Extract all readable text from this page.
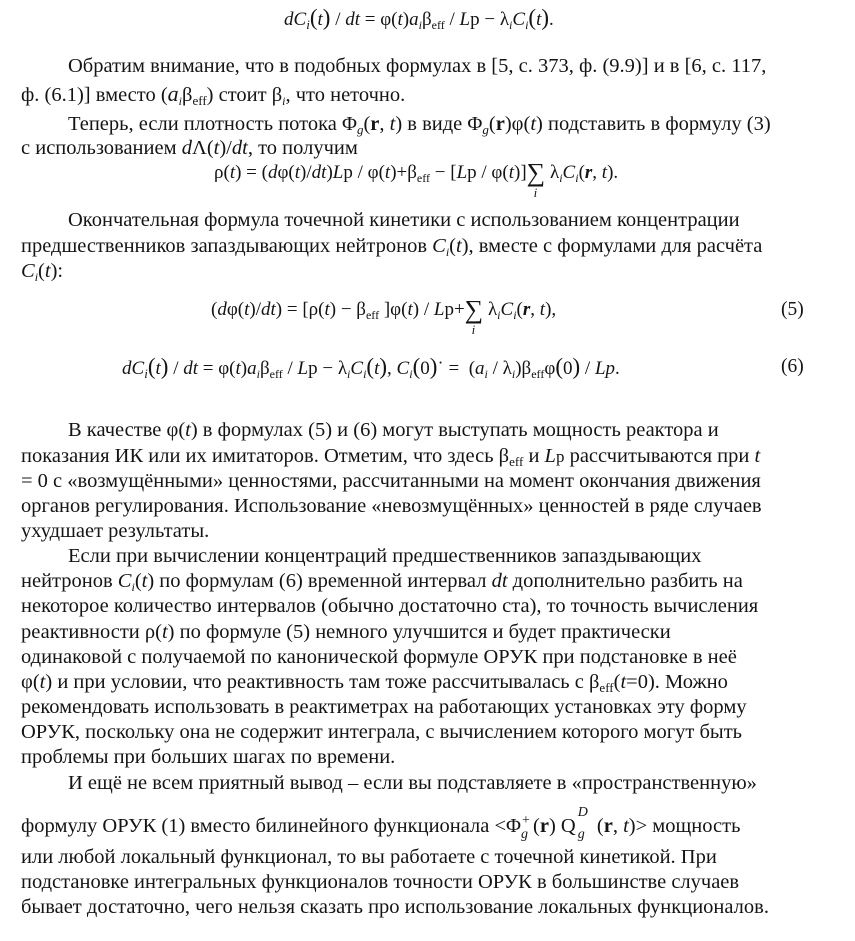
$dC_i(t)$ / dt = $\varphi(t)a_i\beta_{eff} / Lp - \lambda_iC_i(t)$.
Обратим внимание, что в подобных формулах в [5, с. 373, ф. (9.9)] и в [6, с. 117,
ф. (6.1)] вместо $(a_i\beta_{eff})$ стоит $\beta_i$, что неточно.
Теперь, если плотность потока $\Phi_g(r$, t) в виде $\Phi_g(r)\varphi(t)$ подставить в формулу (3)
с использованием dΛ(t)/dt, то получим
$\rho(t) = (d\varphi(t)/dt)Lp / \varphi(t)+\beta_{eff} - [Lp / \varphi(t)]\sum$
i
$\lambda_iC_i(r$, t).
Окончательная формула точечной кинетики с использованием концентрации
предшественников запаздывающих нейтронов $C_i(t)$, вместе с формулами для расчёта
$C_i(t)$:
$(d\varphi(t)/dt) = [\rho(t) - \beta_{eff}$ ]φ(t) / Lp+∑
i
$\lambda_iC_i(r$, t),	(5)
$dC_i(t)$ / dt = $\varphi(t)a_i\beta_{eff} / Lp - \lambda_iC_i(t)$, $C_i(0)˙ = (a_i / \lambda_i)\beta_{eff}\varphi(0) / Lp$.	(6)
В качестве φ(t) в формулах (5) и (6) могут выступать мощность реактора и
показания ИК или их имитаторов. Отметим, что здесь $\beta_{eff}$ и Lp рассчитываются при t
= 0 с «возмущёнными» ценностями, рассчитанными на момент окончания движения
органов регулирования. Использование «невозмущённых» ценностей в ряде случаев
ухудшает результаты.
Если при вычислении концентраций предшественников запаздывающих
нейтронов $C_i(t)$ по формулам (6) временной интервал dt дополнительно разбить на
некоторое количество интервалов (обычно достаточно ста), то точность вычисления
реактивности ρ(t) по формуле (5) немного улучшится и будет практически
одинаковой с получаемой по канонической формуле ОРУК при подстановке в неё
φ(t) и при условии, что реактивность там тоже рассчитывалась с $\beta_{eff}(t=0)$. Можно
рекомендовать использовать в реактиметрах на работающих установках эту форму
ОРУК, поскольку она не содержит интеграла, с вычислением которого могут быть
проблемы при больших шагах по времени.
И ещё не всем приятный вывод – если вы подставляете в «пространственную»
формулу ОРУК (1) вместо билинейного функционала <Φ +
g (r) Q
D
g (r, t)> мощность
или любой локальный функционал, то вы работаете с точечной кинетикой. При
подстановке интегральных функционалов точности ОРУК в большинстве случаев
бывает достаточно, чего нельзя сказать про использование локальных функционалов.
